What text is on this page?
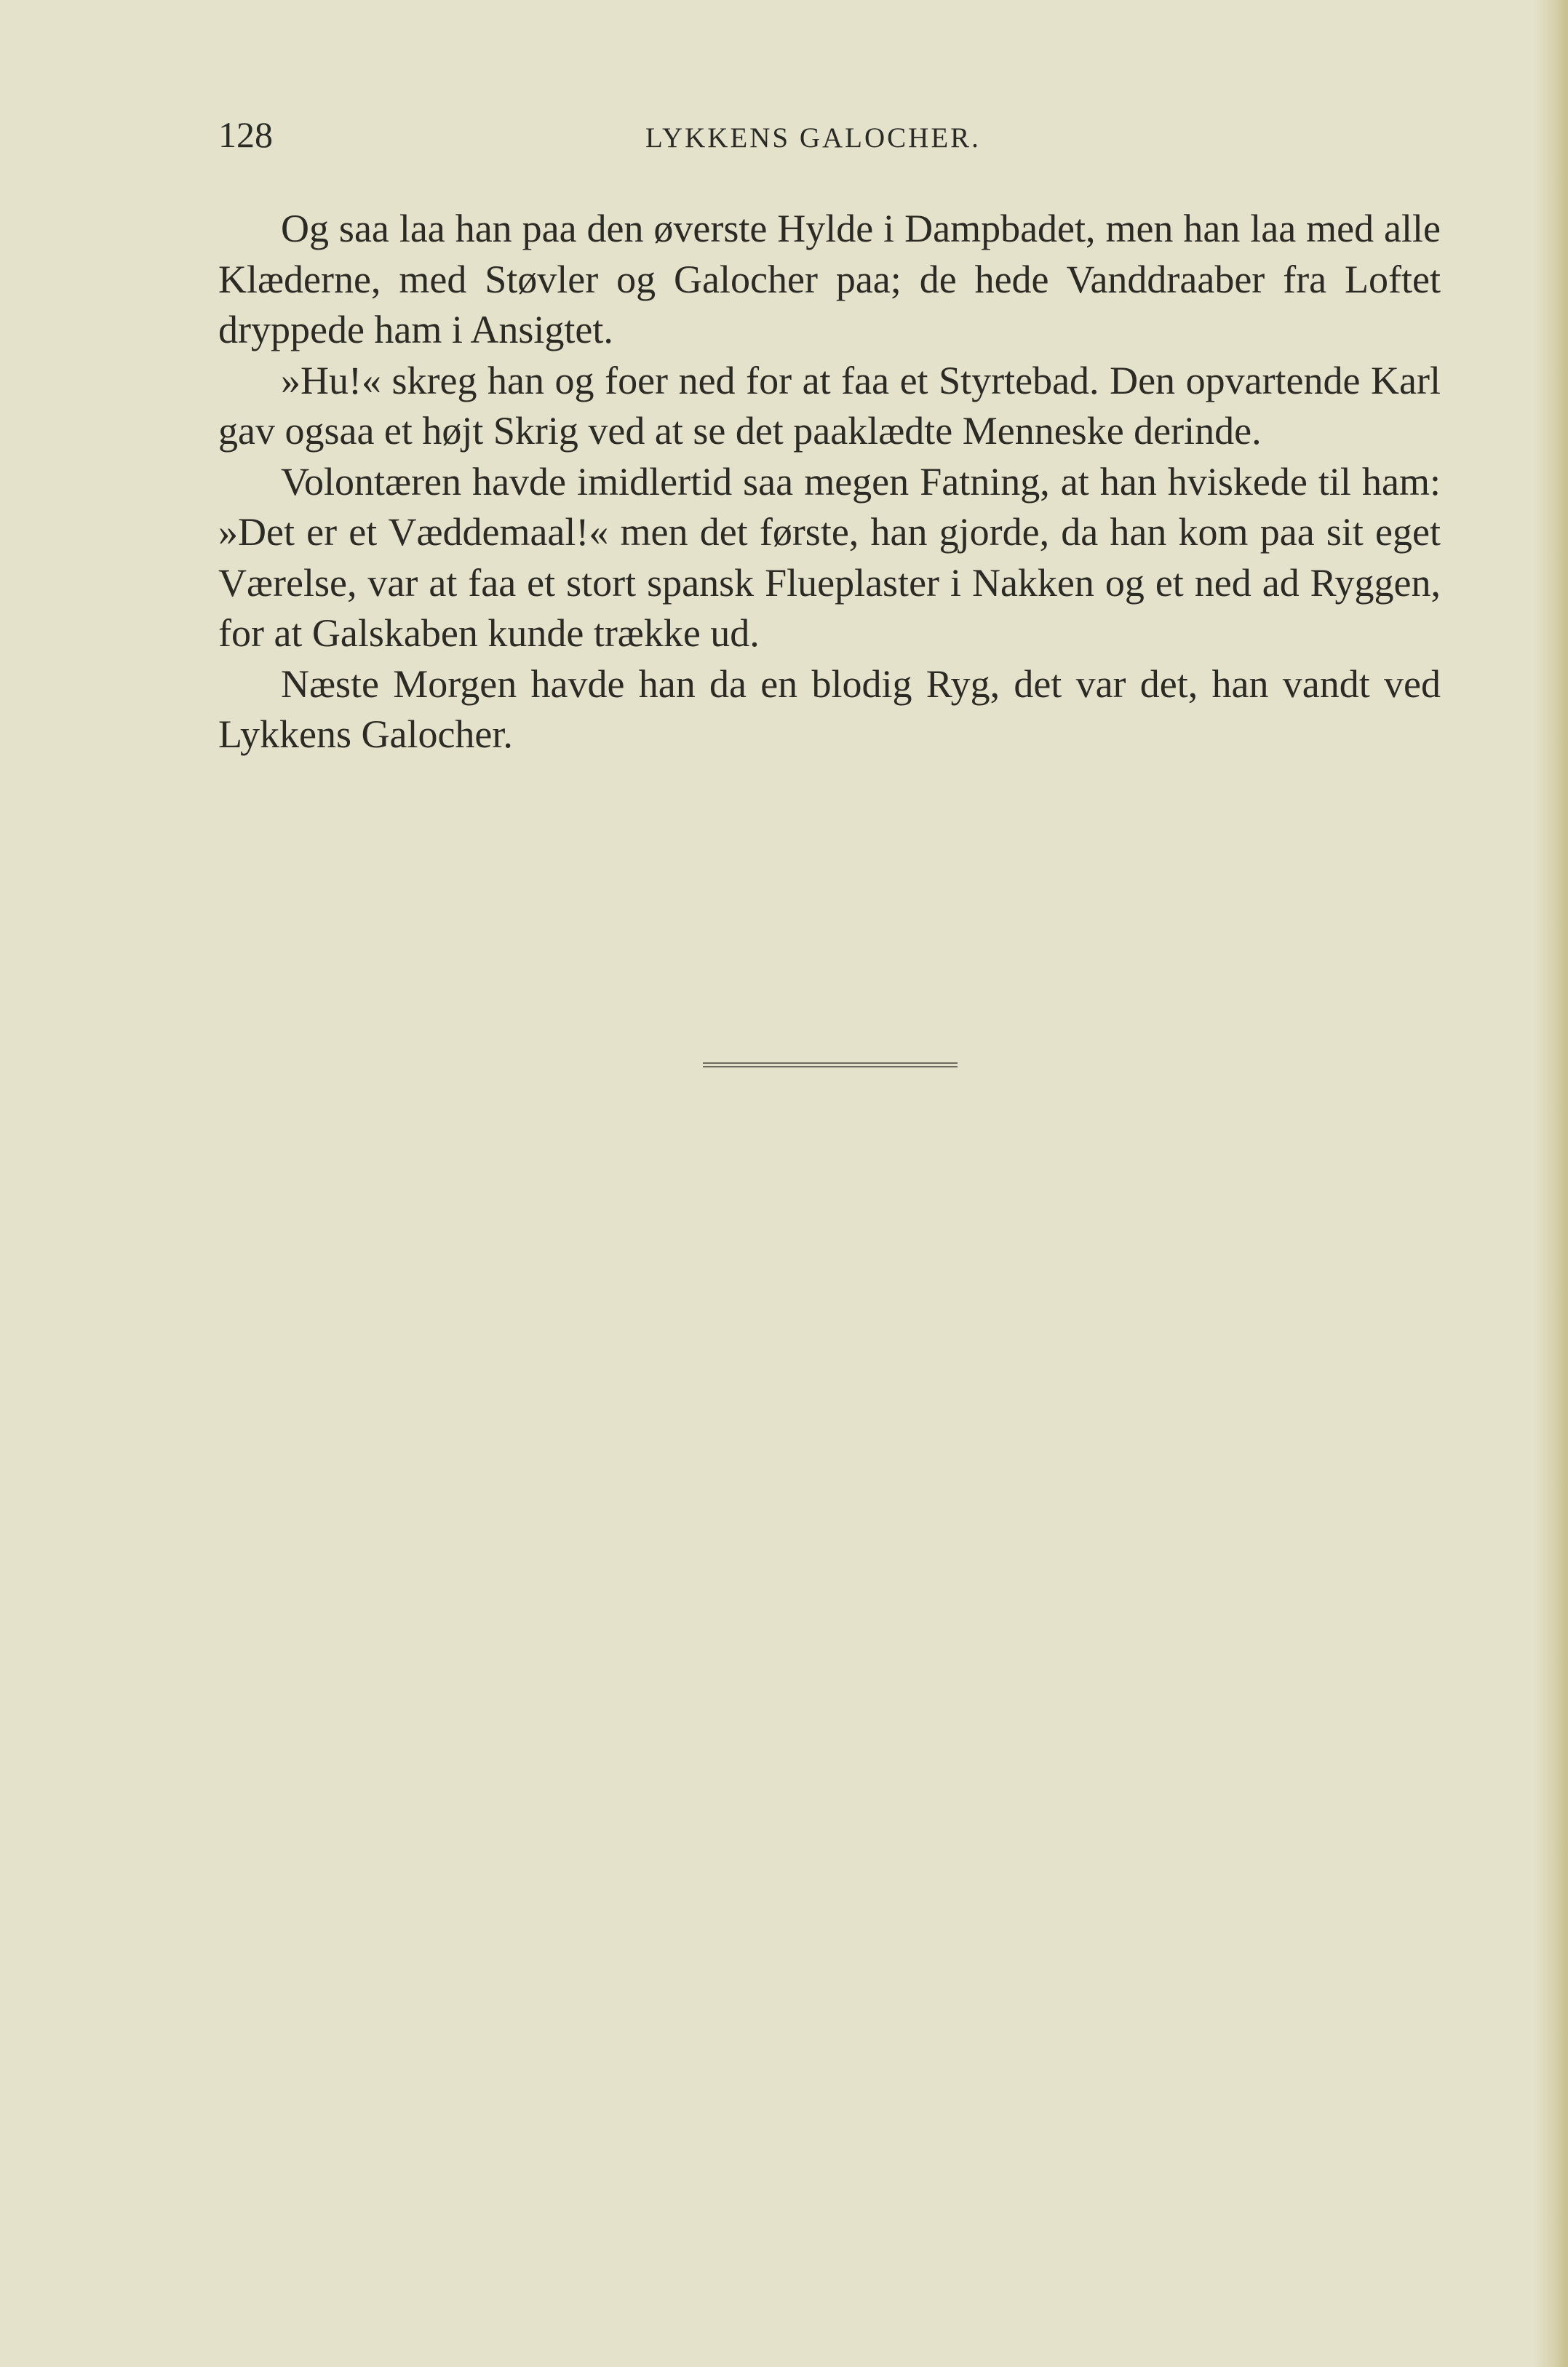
128	LYKKENS GALOCHER.

Og saa laa han paa den øverste Hylde i Dampbadet, men han laa med alle Klæderne, med Støvler og Galocher paa; de hede Vanddraaber fra Loftet dryppede ham i Ansigtet.

»Hu!« skreg han og foer ned for at faa et Styrtebad. Den opvartende Karl gav ogsaa et højt Skrig ved at se det paaklædte Menneske derinde.

Volontæren havde imidlertid saa megen Fatning, at han hviskede til ham: »Det er et Væddemaal!« men det første, han gjorde, da han kom paa sit eget Værelse, var at faa et stort spansk Flueplaster i Nakken og et ned ad Ryggen, for at Galskaben kunde trække ud.

Næste Morgen havde han da en blodig Ryg, det var det, han vandt ved Lykkens Galocher.
